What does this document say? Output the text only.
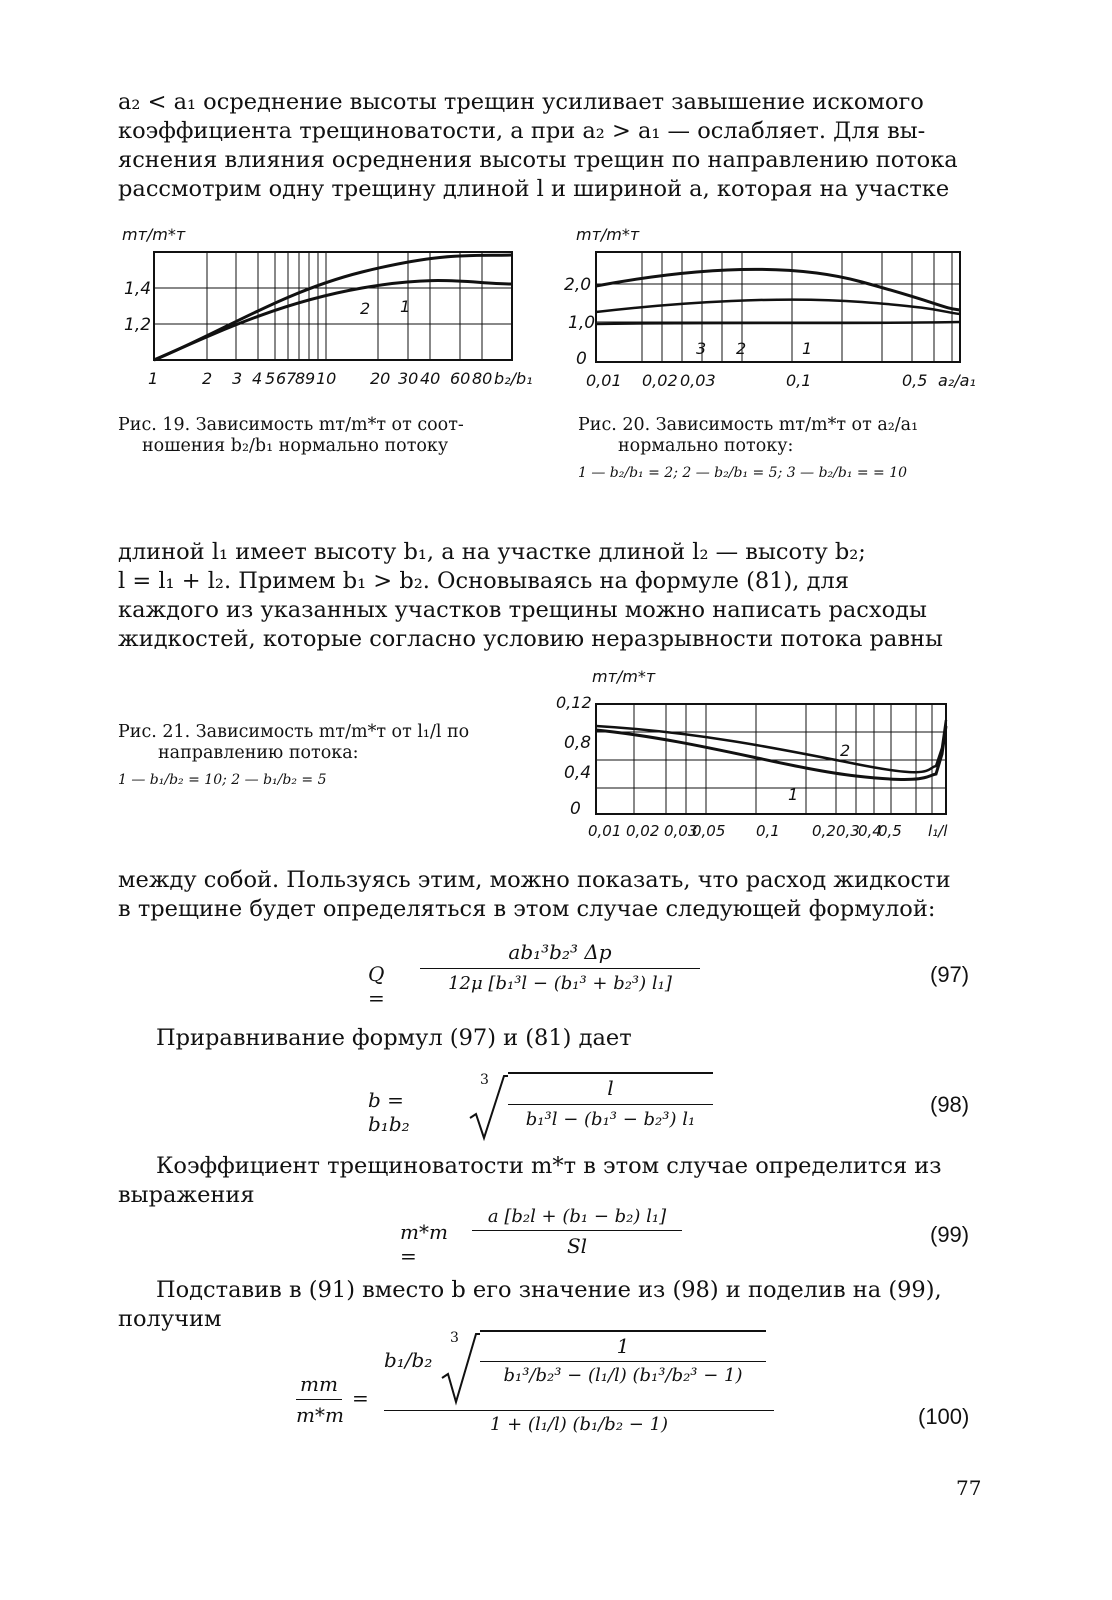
a₂ < a₁ осреднение высоты трещин усиливает завышение искомого
коэффициента трещиноватости, а при a₂ > a₁ — ослабляет. Для вы-
яснения влияния осреднения высоты трещин по направлению потока
рассмотрим одну трещину длиной l и шириной a, которая на участке
mт/m*т
1,4
1,2
2 1
1	2 3 4 5 6 7
8 9 10 20 30 40 60 80 b₂/b₁
Рис. 19. Зависимость mт/m*т от соот-
ношения b₂/b₁ нормально потоку
mт/m*т
2,0
1,0
0
3 2	1
0,01 0,02 0,03	0,1	0,5 a₂/a₁
Рис. 20. Зависимость mт/m*т от a₂/a₁
нормально потоку:
1 — b₂/b₁ = 2; 2 — b₂/b₁ = 5; 3 — b₂/b₁ = = 10
длиной l₁ имеет высоту b₁, а на участке длиной l₂ — высоту b₂;
l = l₁ + l₂. Примем b₁ > b₂. Основываясь на формуле (81), для
каждого из указанных участков трещины можно написать расходы
жидкостей, которые согласно условию неразрывности потока равны
Рис. 21. Зависимость mт/m*т от l₁/l по
направлению потока:
1 — b₁/b₂ = 10; 2 — b₁/b₂ = 5
mт/m*т
0,12
0,8
0,4
0
2
1
0,01 0,02 0,03
0,05 0,1 0,2 0,3
0,4
0,5 l₁/l
между собой. Пользуясь этим, можно показать, что расход жидкости
в трещине будет определяться в этом случае следующей формулой:
Q =
ab₁³b₂³ Δp
12μ [b₁³l − (b₁³ + b₂³) l₁]	(97)
Приравнивание формул (97) и (81) дает
b = b₁b₂
3	l
b₁³l − (b₁³ − b₂³) l₁
(98)
Коэффициент трещиноватости m*т в этом случае определится из
выражения
m*т =
a [b₂l + (b₁ − b₂) l₁]
Sl	(99)
Подставив в (91) вместо b его значение из (98) и поделив на (99),
получим
mт
m*т
=
b₁/b₂
3	1
b₁³/b₂³ − (l₁/l) (b₁³/b₂³ − 1)
1 + (l₁/l) (b₁/b₂ − 1)	(100)
77
